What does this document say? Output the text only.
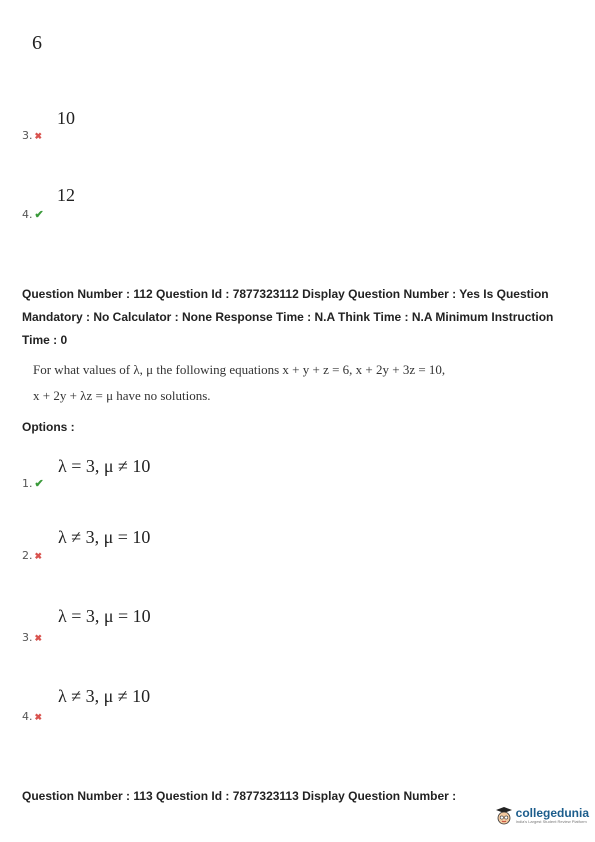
6
10
3. ✖
12
4. ✔
Question Number : 112 Question Id : 7877323112 Display Question Number : Yes Is Question
Mandatory : No Calculator : None Response Time : N.A Think Time : N.A Minimum Instruction
Time : 0
For what values of λ, μ the following equations x + y + z = 6, x + 2y + 3z = 10,
x + 2y + λz = μ have no solutions.
Options :
λ = 3, μ ≠ 10
1. ✔
λ ≠ 3, μ = 10
2. ✖
λ = 3, μ = 10
3. ✖
λ ≠ 3, μ ≠ 10
4. ✖
Question Number : 113 Question Id : 7877323113 Display Question Number :
collegedunia
India's Largest Student Review Platform
